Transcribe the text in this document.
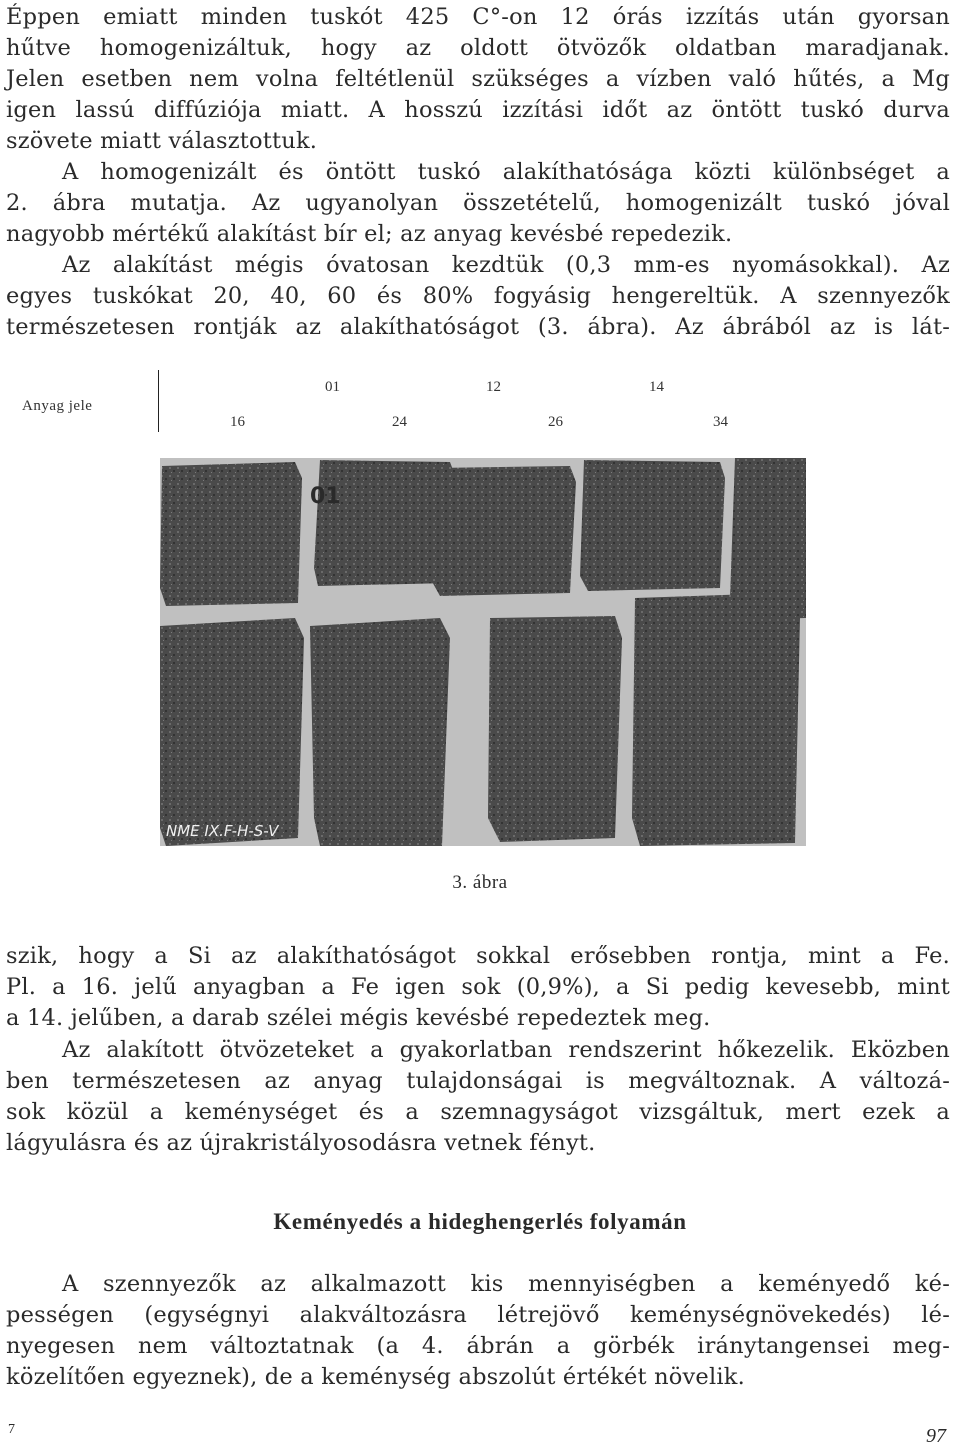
Éppen emiatt minden tuskót 425 C°-on 12 órás izzítás után gyorsan
hűtve homogenizáltuk, hogy az oldott ötvözők oldatban maradjanak.
Jelen esetben nem volna feltétlenül szükséges a vízben való hűtés, a Mg
igen lassú diffúziója miatt. A hosszú izzítási időt az öntött tuskó durva
szövete miatt választottuk.
A homogenizált és öntött tuskó alakíthatósága közti különbséget a
2. ábra mutatja. Az ugyanolyan összetételű, homogenizált tuskó jóval
nagyobb mértékű alakítást bír el; az anyag kevésbé repedezik.
Az alakítást mégis óvatosan kezdtük (0,3 mm-es nyomásokkal). Az
egyes tuskókat 20, 40, 60 és 80% fogyásig hengereltük. A szennyezők
természetesen rontják az alakíthatóságot (3. ábra). Az ábrából az is lát-
Anyag jele
01	12	14
16	24	26	34
01
NME IX.F-H-S-V
3. ábra
szik, hogy a Si az alakíthatóságot sokkal erősebben rontja, mint a Fe.
Pl. a 16. jelű anyagban a Fe igen sok (0,9%), a Si pedig kevesebb, mint
a 14. jelűben, a darab szélei mégis kevésbé repedeztek meg.
Az alakított ötvözeteket a gyakorlatban rendszerint hőkezelik. Eközben
ben természetesen az anyag tulajdonságai is megváltoznak. A változá-
sok közül a keménységet és a szemnagyságot vizsgáltuk, mert ezek a
lágyulásra és az újrakristályosodásra vetnek fényt.
Keményedés a hideghengerlés folyamán
A szennyezők az alkalmazott kis mennyiségben a keményedő ké-
pességen (egységnyi alakváltozásra létrejövő keménységnövekedés) lé-
nyegesen nem változtatnak (a 4. ábrán a görbék iránytangensei meg-
közelítően egyeznek), de a keménység abszolút értékét növelik.
7	97
